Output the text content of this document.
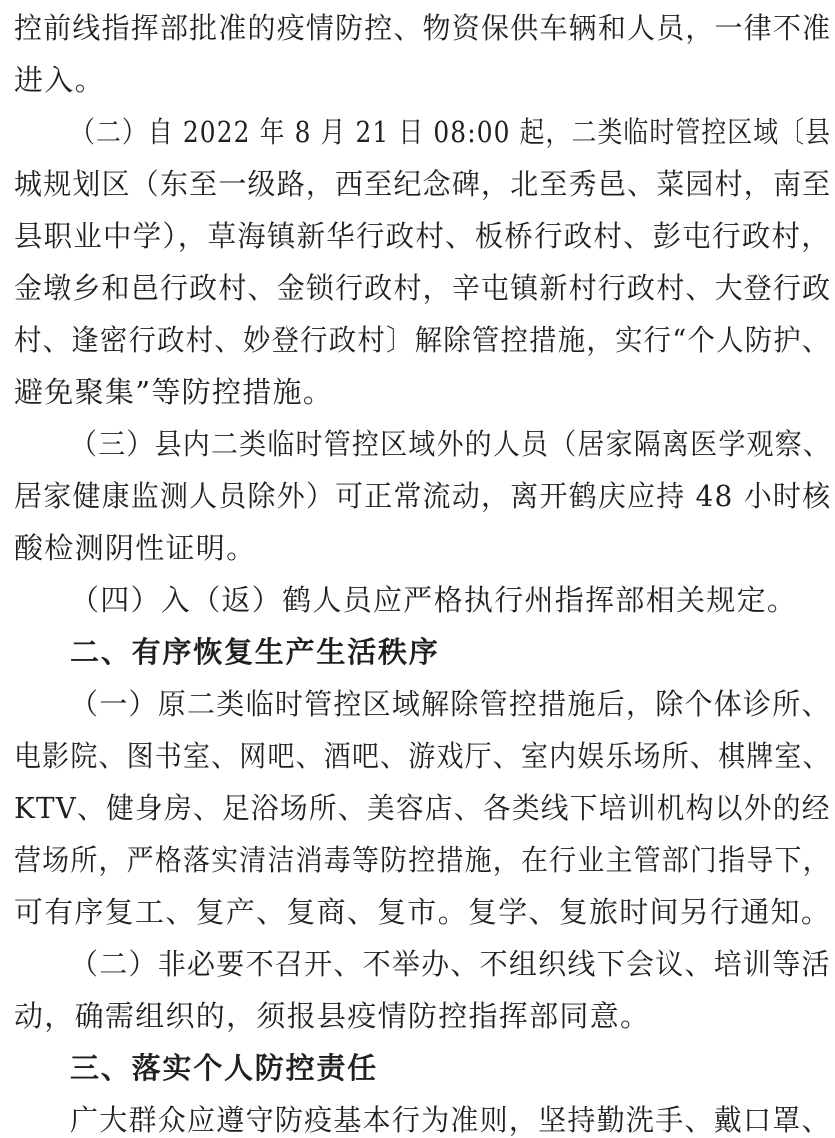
控前线指挥部批准的疫情防控、物资保供车辆和人员，一律不准
进入。
（二）自 2022 年 8 月 21 日 08:00 起，二类临时管控区域〔县
城规划区（东至一级路，西至纪念碑，北至秀邑、菜园村，南至
县职业中学），草海镇新华行政村、板桥行政村、彭屯行政村，
金墩乡和邑行政村、金锁行政村，辛屯镇新村行政村、大登行政
村、逢密行政村、妙登行政村〕解除管控措施，实行“个人防护、
避免聚集”等防控措施。
（三）县内二类临时管控区域外的人员（居家隔离医学观察、
居家健康监测人员除外）可正常流动，离开鹤庆应持 48 小时核
酸检测阴性证明。
（四）入（返）鹤人员应严格执行州指挥部相关规定。
二、有序恢复生产生活秩序
（一）原二类临时管控区域解除管控措施后，除个体诊所、
电影院、图书室、网吧、酒吧、游戏厅、室内娱乐场所、棋牌室、
KTV、健身房、足浴场所、美容店、各类线下培训机构以外的经
营场所，严格落实清洁消毒等防控措施，在行业主管部门指导下，
可有序复工、复产、复商、复市。复学、复旅时间另行通知。
（二）非必要不召开、不举办、不组织线下会议、培训等活
动，确需组织的，须报县疫情防控指挥部同意。
三、落实个人防控责任
广大群众应遵守防疫基本行为准则，坚持勤洗手、戴口罩、
